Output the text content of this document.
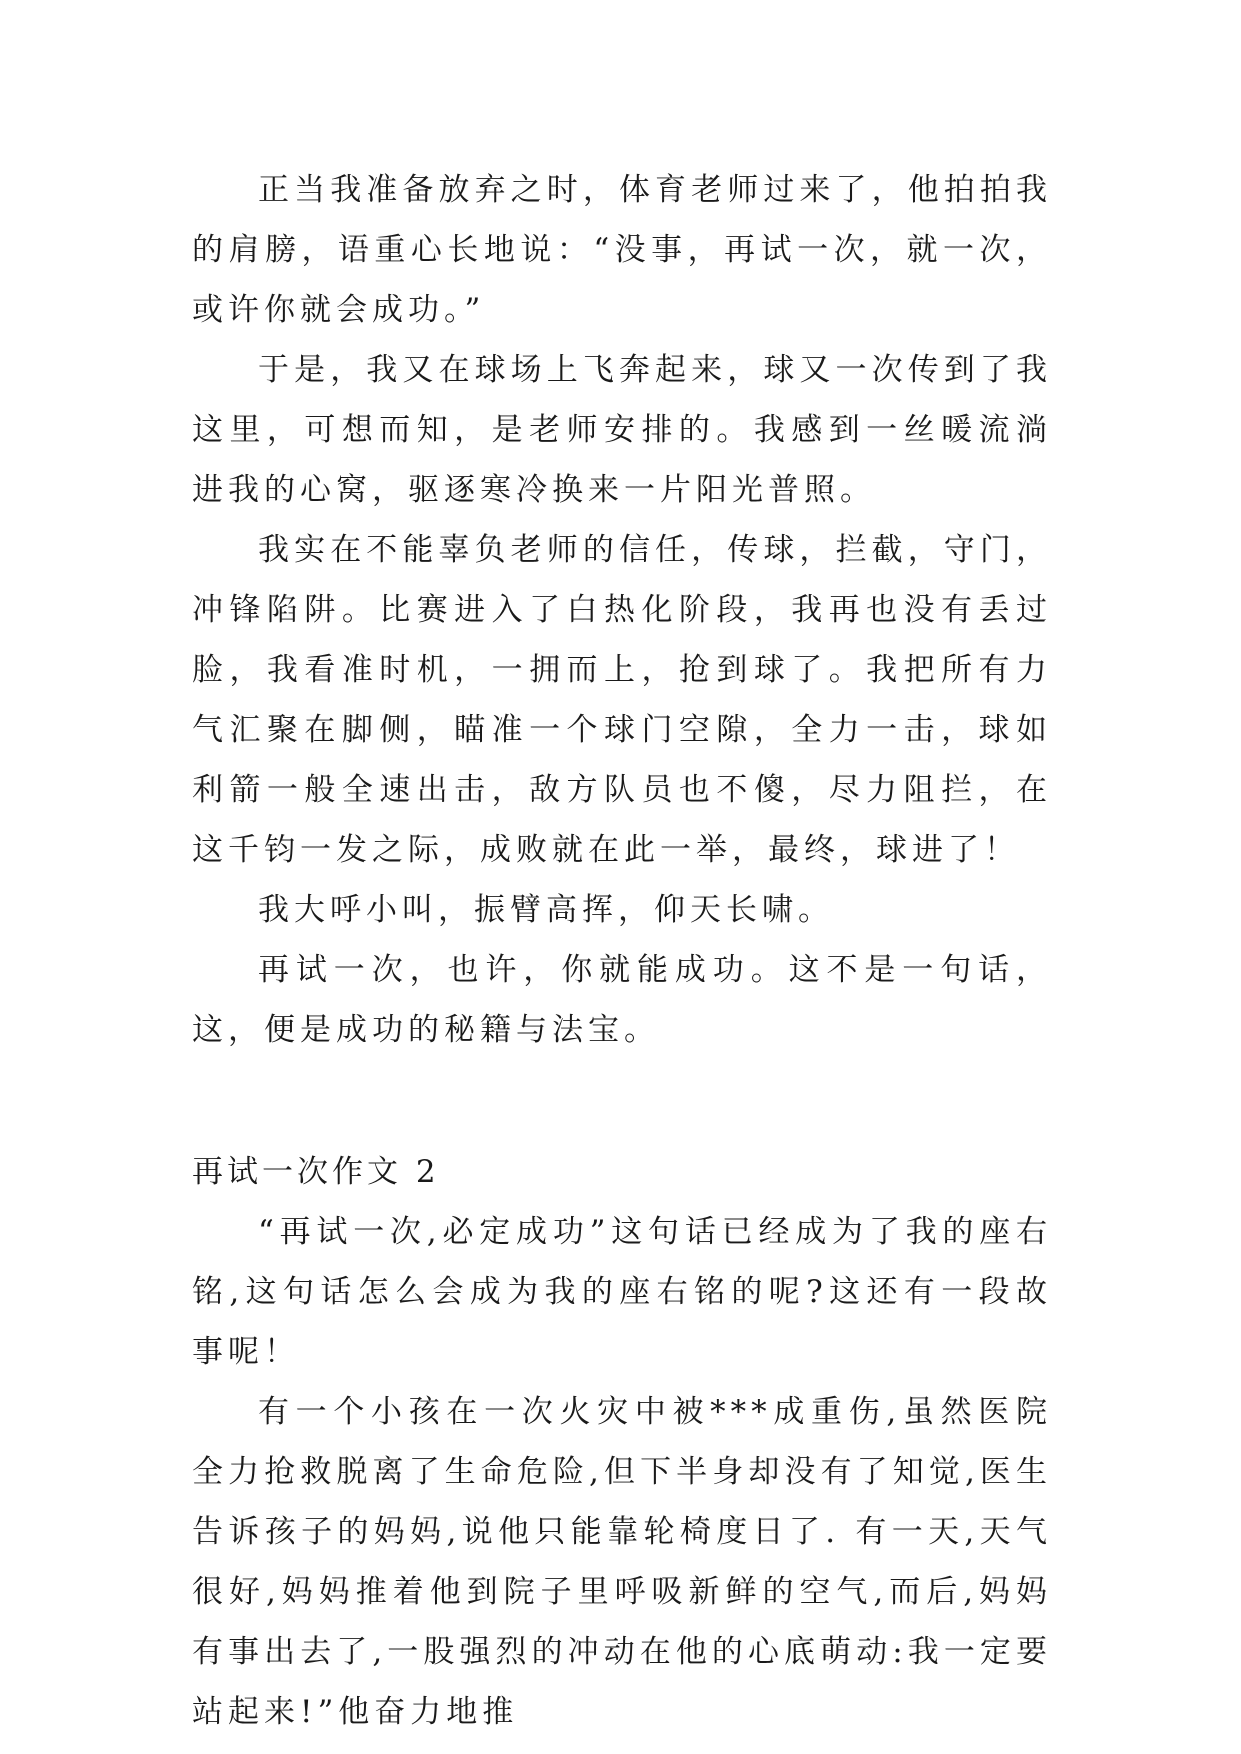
正当我准备放弃之时，体育老师过来了，他拍拍我的肩膀，语重心长地说：“没事，再试一次，就一次，或许你就会成功。”

于是，我又在球场上飞奔起来，球又一次传到了我这里，可想而知，是老师安排的。我感到一丝暖流淌进我的心窝，驱逐寒冷换来一片阳光普照。

我实在不能辜负老师的信任，传球，拦截，守门，冲锋陷阱。比赛进入了白热化阶段，我再也没有丢过脸，我看准时机，一拥而上，抢到球了。我把所有力气汇聚在脚侧，瞄准一个球门空隙，全力一击，球如利箭一般全速出击，敌方队员也不傻，尽力阻拦，在这千钧一发之际，成败就在此一举，最终，球进了！

我大呼小叫，振臂高挥，仰天长啸。

再试一次，也许，你就能成功。这不是一句话，这，便是成功的秘籍与法宝。

再试一次作文 2

“再试一次,必定成功”这句话已经成为了我的座右铭,这句话怎么会成为我的座右铭的呢?这还有一段故事呢！

有一个小孩在一次火灾中被***成重伤,虽然医院全力抢救脱离了生命危险,但下半身却没有了知觉,医生告诉孩子的妈妈,说他只能靠轮椅度日了. 有一天,天气很好,妈妈推着他到院子里呼吸新鲜的空气,而后,妈妈有事出去了,一股强烈的冲动在他的心底萌动:我一定要站起来!”他奋力地推
